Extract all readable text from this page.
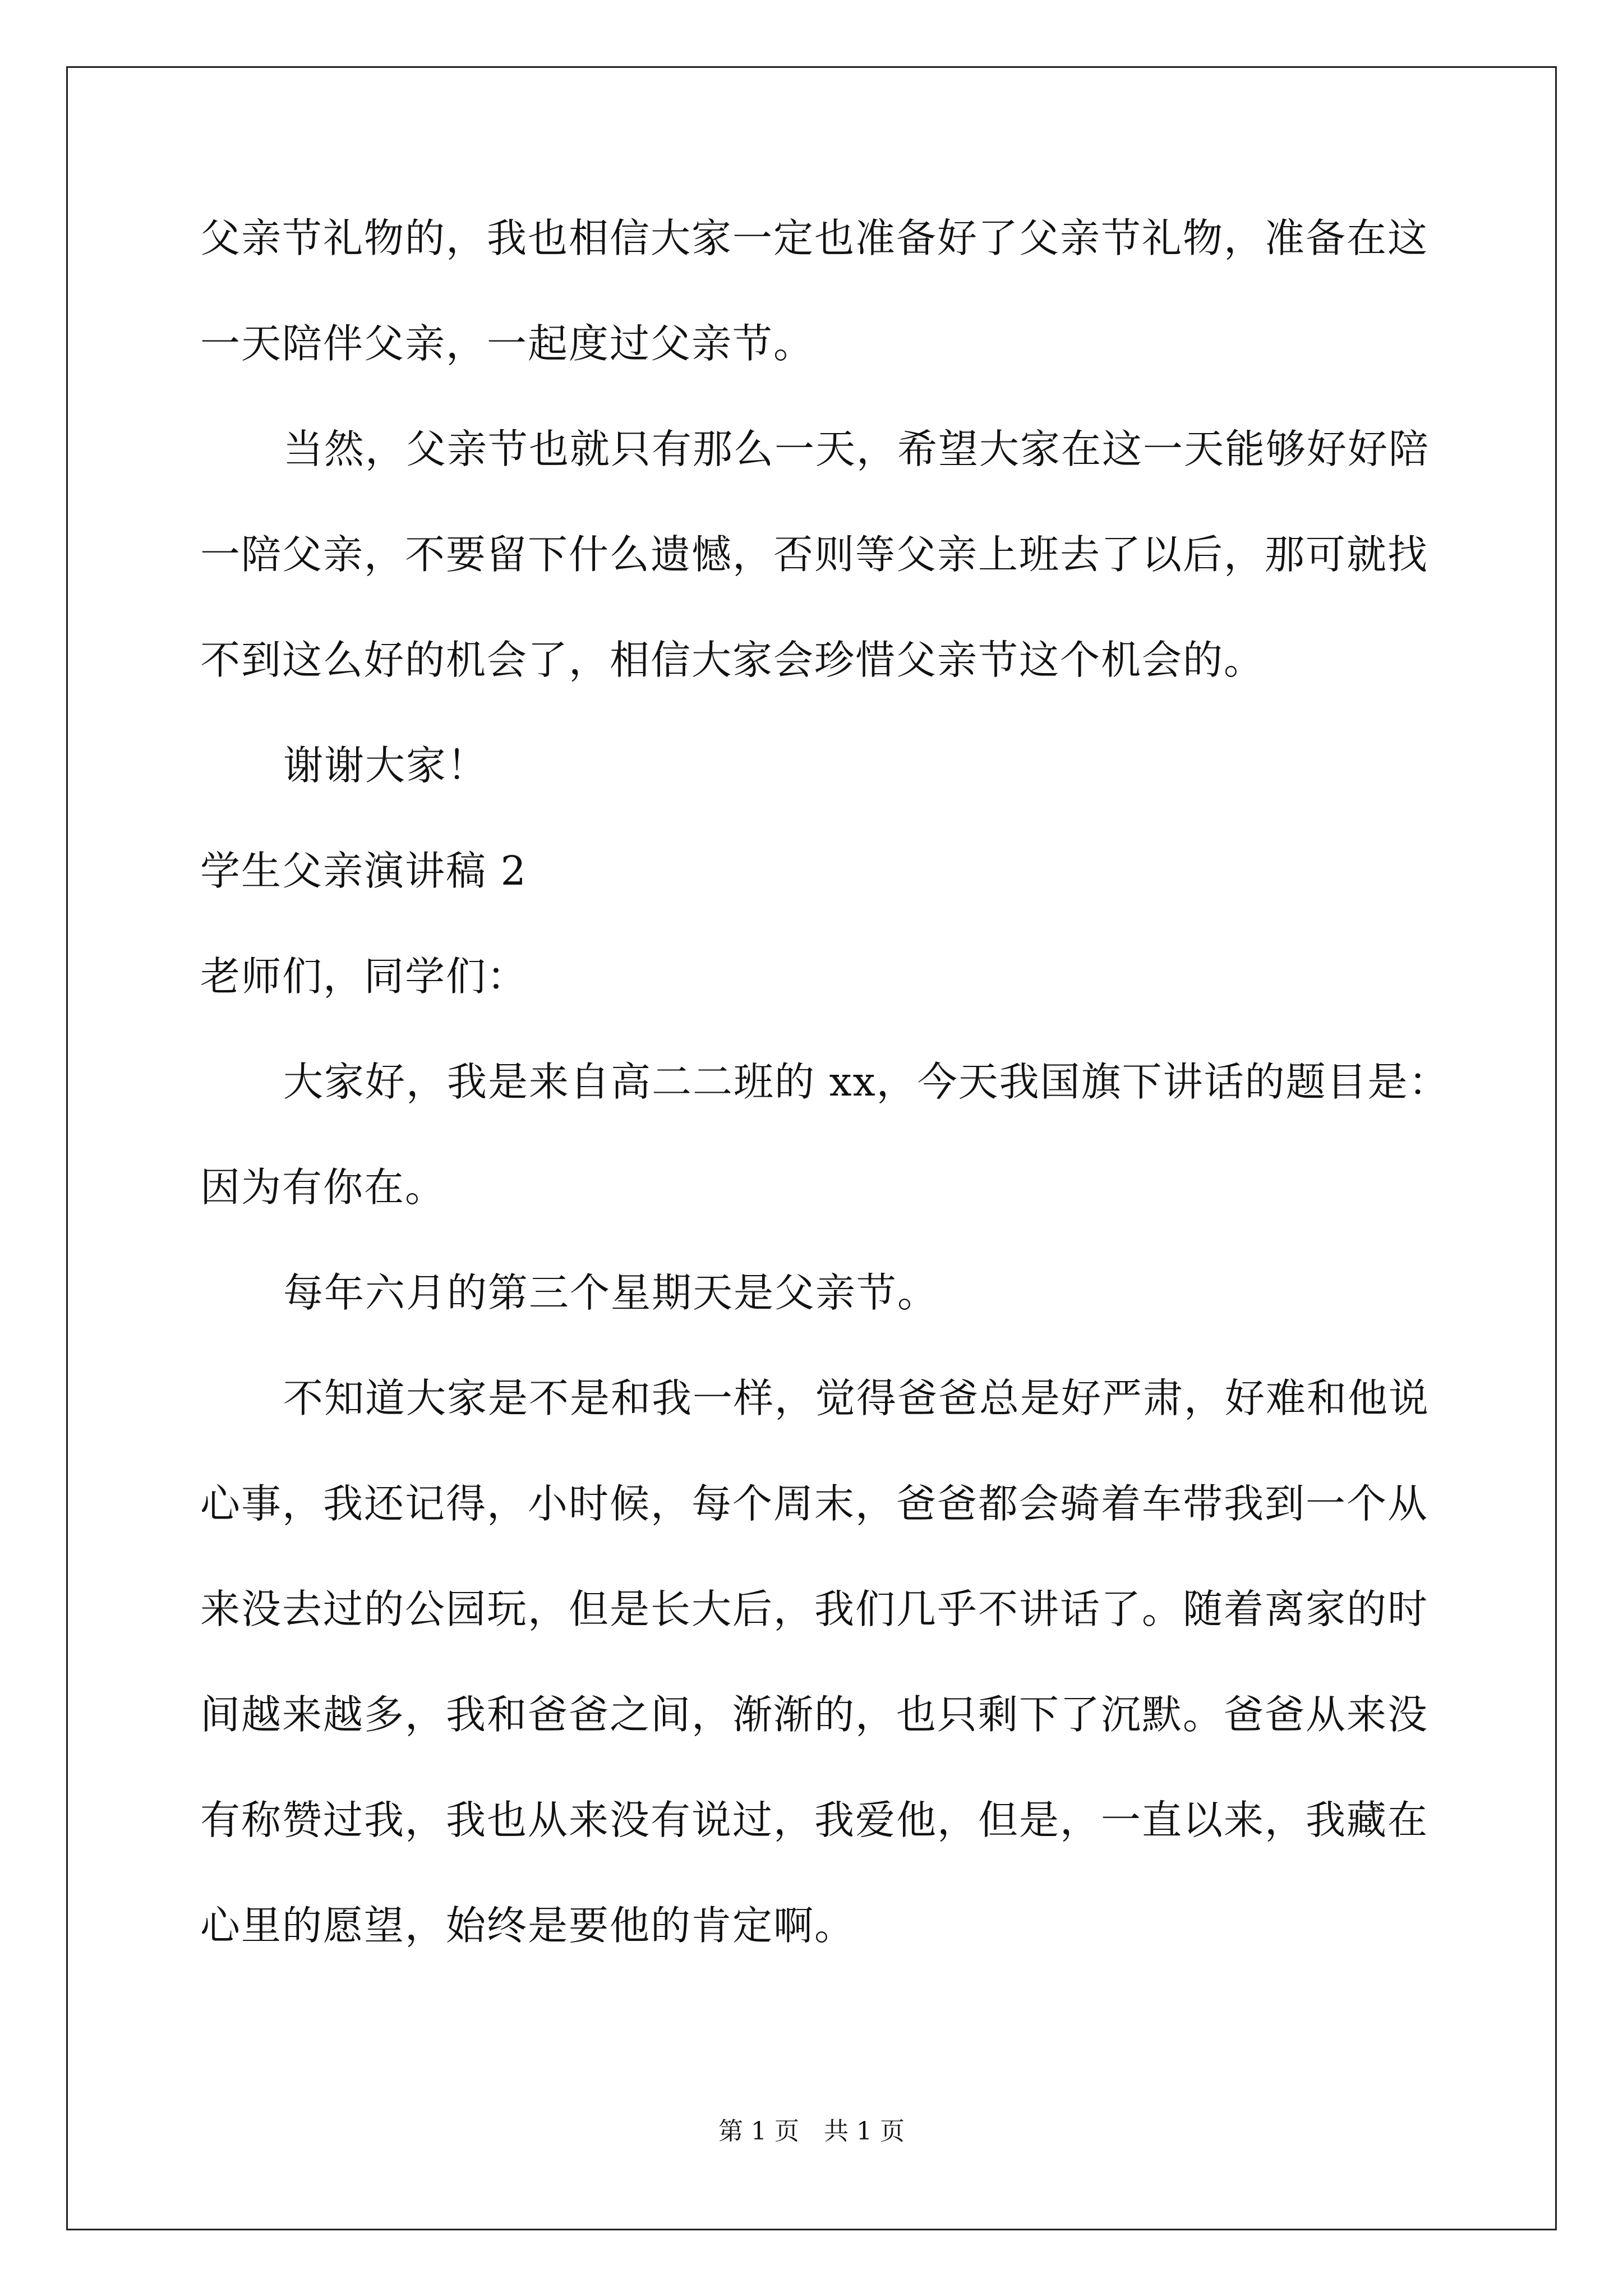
父亲节礼物的，我也相信大家一定也准备好了父亲节礼物，准备在这
一天陪伴父亲，一起度过父亲节。
当然，父亲节也就只有那么一天，希望大家在这一天能够好好陪
一陪父亲，不要留下什么遗憾，否则等父亲上班去了以后，那可就找
不到这么好的机会了，相信大家会珍惜父亲节这个机会的。
谢谢大家！
学生父亲演讲稿 2
老师们，同学们：
大家好，我是来自高二二班的 xx，今天我国旗下讲话的题目是：
因为有你在。
每年六月的第三个星期天是父亲节。
不知道大家是不是和我一样，觉得爸爸总是好严肃，好难和他说
心事，我还记得，小时候，每个周末，爸爸都会骑着车带我到一个从
来没去过的公园玩，但是长大后，我们几乎不讲话了。随着离家的时
间越来越多，我和爸爸之间，渐渐的，也只剩下了沉默。爸爸从来没
有称赞过我，我也从来没有说过，我爱他，但是，一直以来，我藏在
心里的愿望，始终是要他的肯定啊。
第 1 页 共 1 页
